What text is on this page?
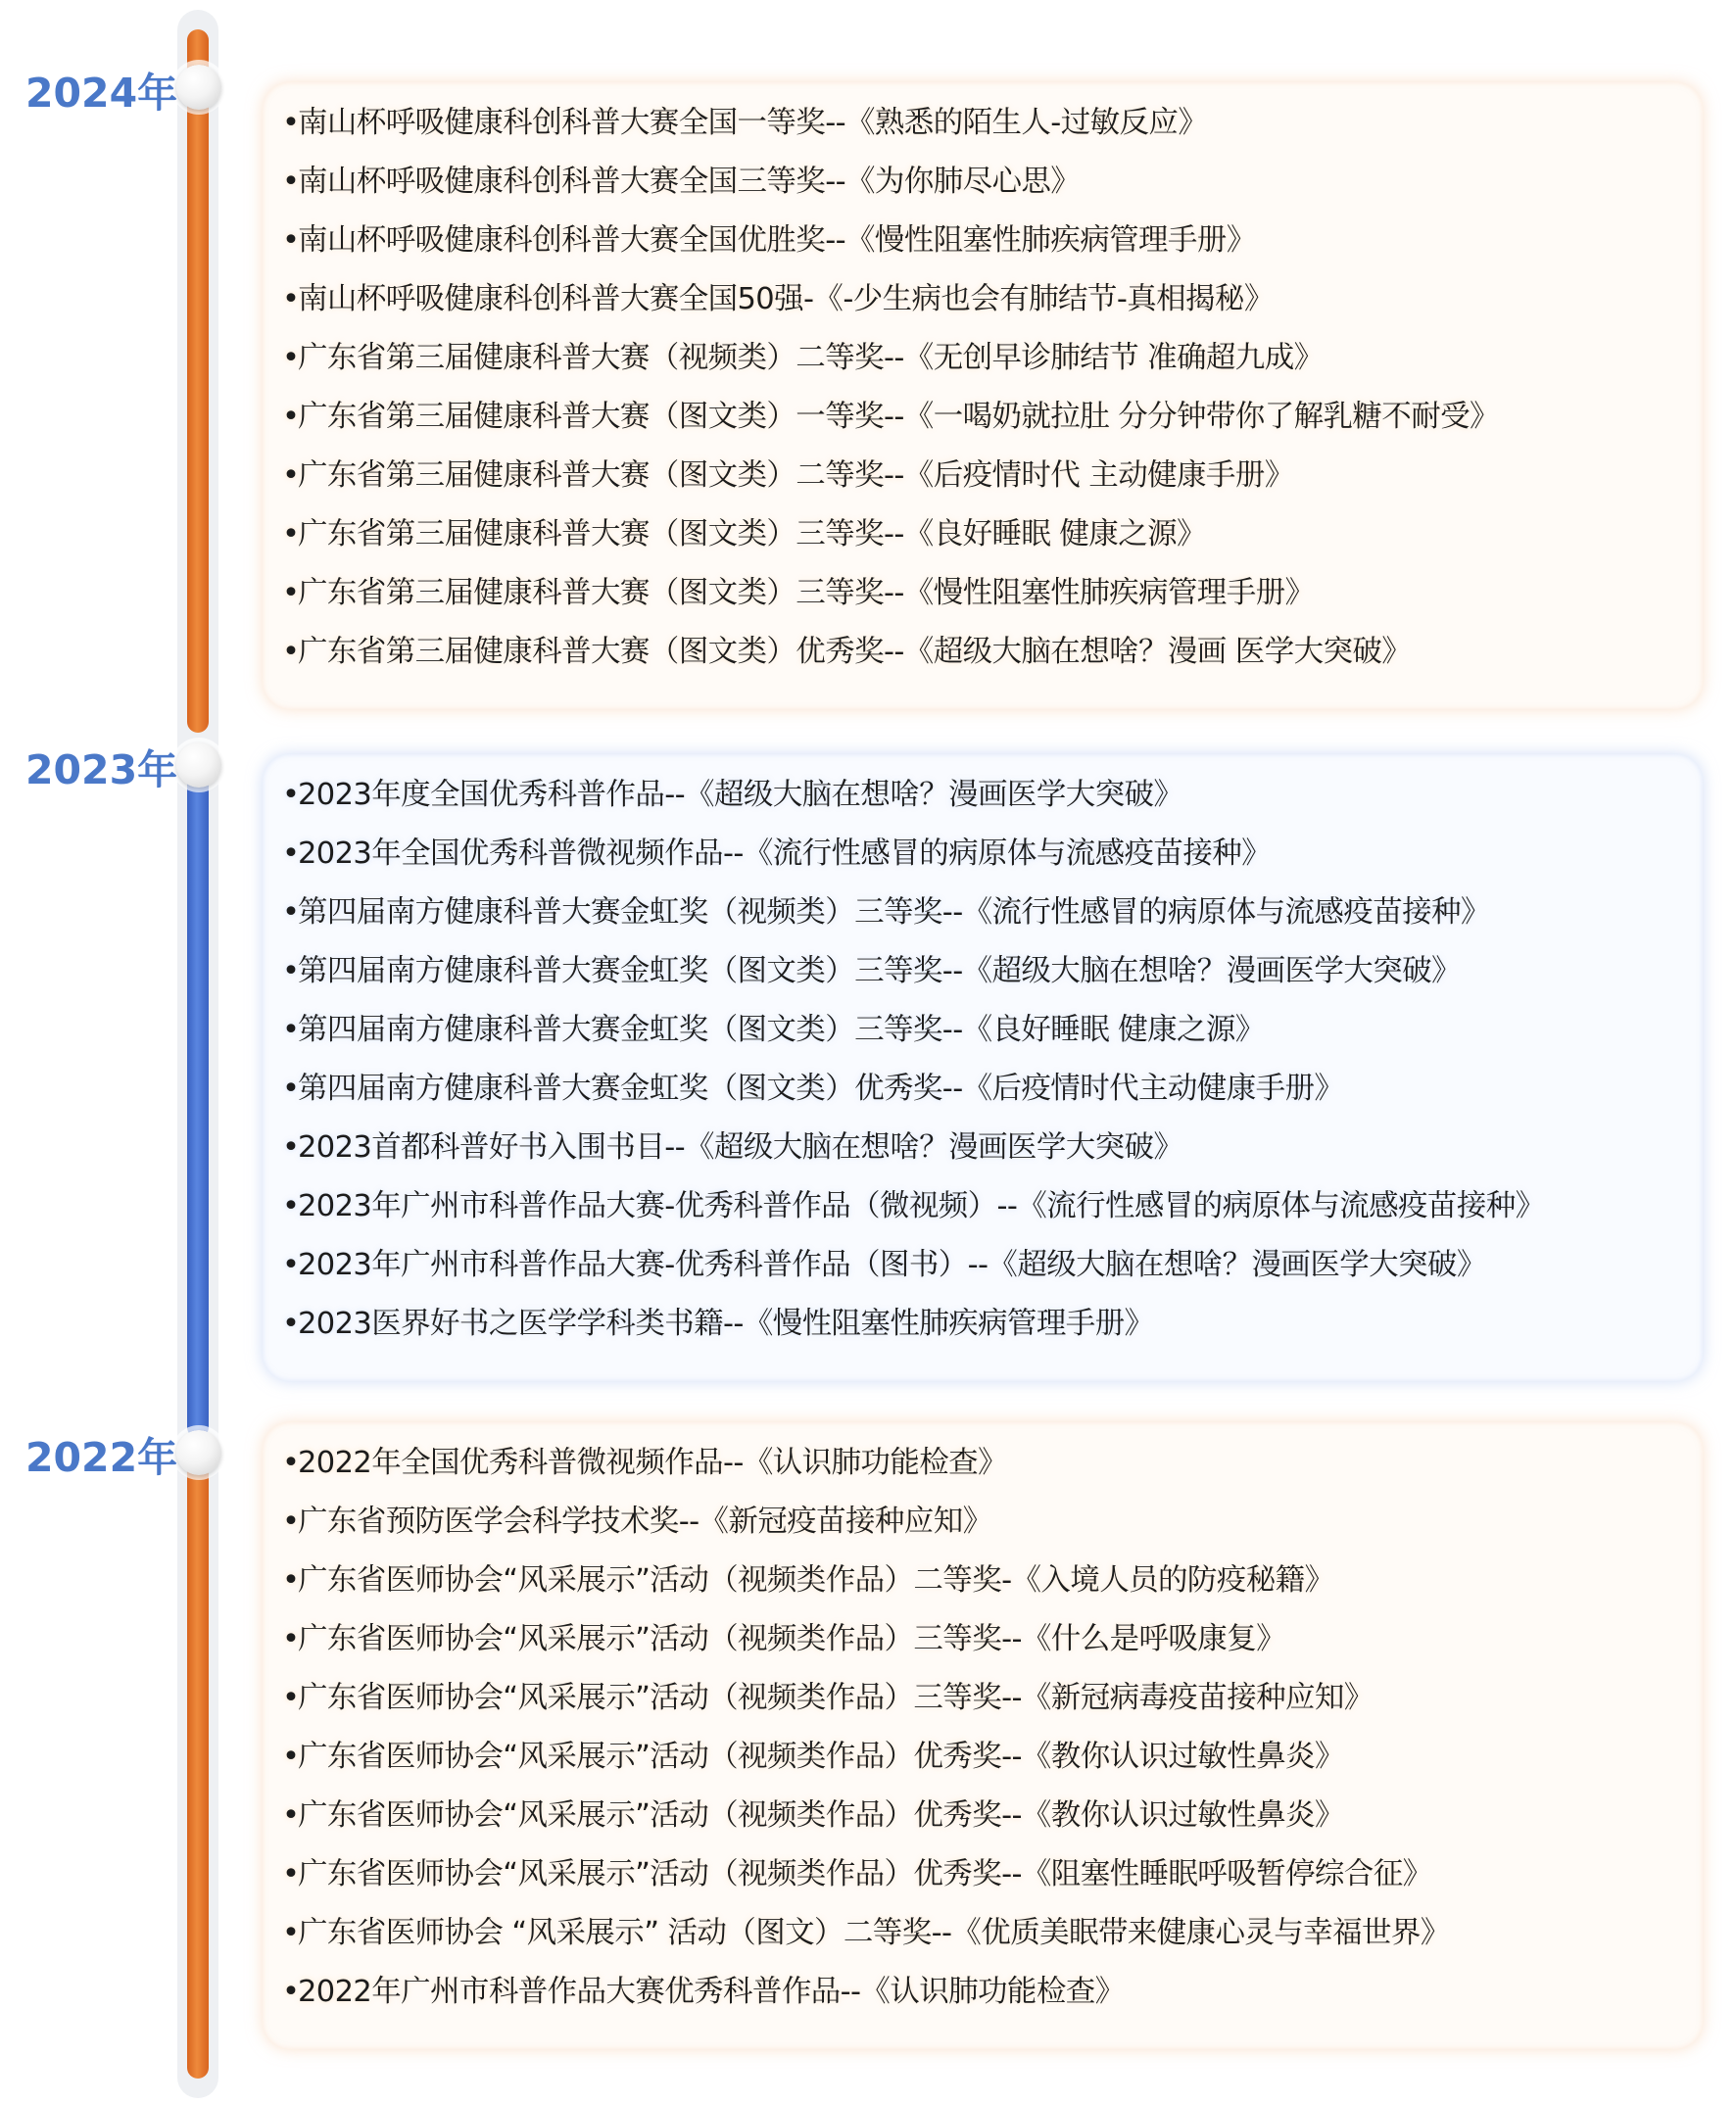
2024年
2023年
2022年
•南山杯呼吸健康科创科普大赛全国一等奖--《熟悉的陌生人-过敏反应》
•南山杯呼吸健康科创科普大赛全国三等奖--《为你肺尽心思》
•南山杯呼吸健康科创科普大赛全国优胜奖--《慢性阻塞性肺疾病管理手册》
•南山杯呼吸健康科创科普大赛全国50强-《-少生病也会有肺结节-真相揭秘》
•广东省第三届健康科普大赛（视频类）二等奖--《无创早诊肺结节 准确超九成》
•广东省第三届健康科普大赛（图文类）一等奖--《一喝奶就拉肚 分分钟带你了解乳糖不耐受》
•广东省第三届健康科普大赛（图文类）二等奖--《后疫情时代 主动健康手册》
•广东省第三届健康科普大赛（图文类）三等奖--《良好睡眠 健康之源》
•广东省第三届健康科普大赛（图文类）三等奖--《慢性阻塞性肺疾病管理手册》
•广东省第三届健康科普大赛（图文类）优秀奖--《超级大脑在想啥？漫画 医学大突破》
•2023年度全国优秀科普作品--《超级大脑在想啥？漫画医学大突破》
•2023年全国优秀科普微视频作品--《流行性感冒的病原体与流感疫苗接种》
•第四届南方健康科普大赛金虹奖（视频类）三等奖--《流行性感冒的病原体与流感疫苗接种》
•第四届南方健康科普大赛金虹奖（图文类）三等奖--《超级大脑在想啥？漫画医学大突破》
•第四届南方健康科普大赛金虹奖（图文类）三等奖--《良好睡眠 健康之源》
•第四届南方健康科普大赛金虹奖（图文类）优秀奖--《后疫情时代主动健康手册》
•2023首都科普好书入围书目--《超级大脑在想啥？漫画医学大突破》
•2023年广州市科普作品大赛-优秀科普作品（微视频）--《流行性感冒的病原体与流感疫苗接种》
•2023年广州市科普作品大赛-优秀科普作品（图书）--《超级大脑在想啥？漫画医学大突破》
•2023医界好书之医学学科类书籍--《慢性阻塞性肺疾病管理手册》
•2022年全国优秀科普微视频作品--《认识肺功能检查》
•广东省预防医学会科学技术奖--《新冠疫苗接种应知》
•广东省医师协会“风采展示”活动（视频类作品）二等奖-《入境人员的防疫秘籍》
•广东省医师协会“风采展示”活动（视频类作品）三等奖--《什么是呼吸康复》
•广东省医师协会“风采展示”活动（视频类作品）三等奖--《新冠病毒疫苗接种应知》
•广东省医师协会“风采展示”活动（视频类作品）优秀奖--《教你认识过敏性鼻炎》
•广东省医师协会“风采展示”活动（视频类作品）优秀奖--《教你认识过敏性鼻炎》
•广东省医师协会“风采展示”活动（视频类作品）优秀奖--《阻塞性睡眠呼吸暂停综合征》
•广东省医师协会 “风采展示” 活动（图文）二等奖--《优质美眠带来健康心灵与幸福世界》
•2022年广州市科普作品大赛优秀科普作品--《认识肺功能检查》
